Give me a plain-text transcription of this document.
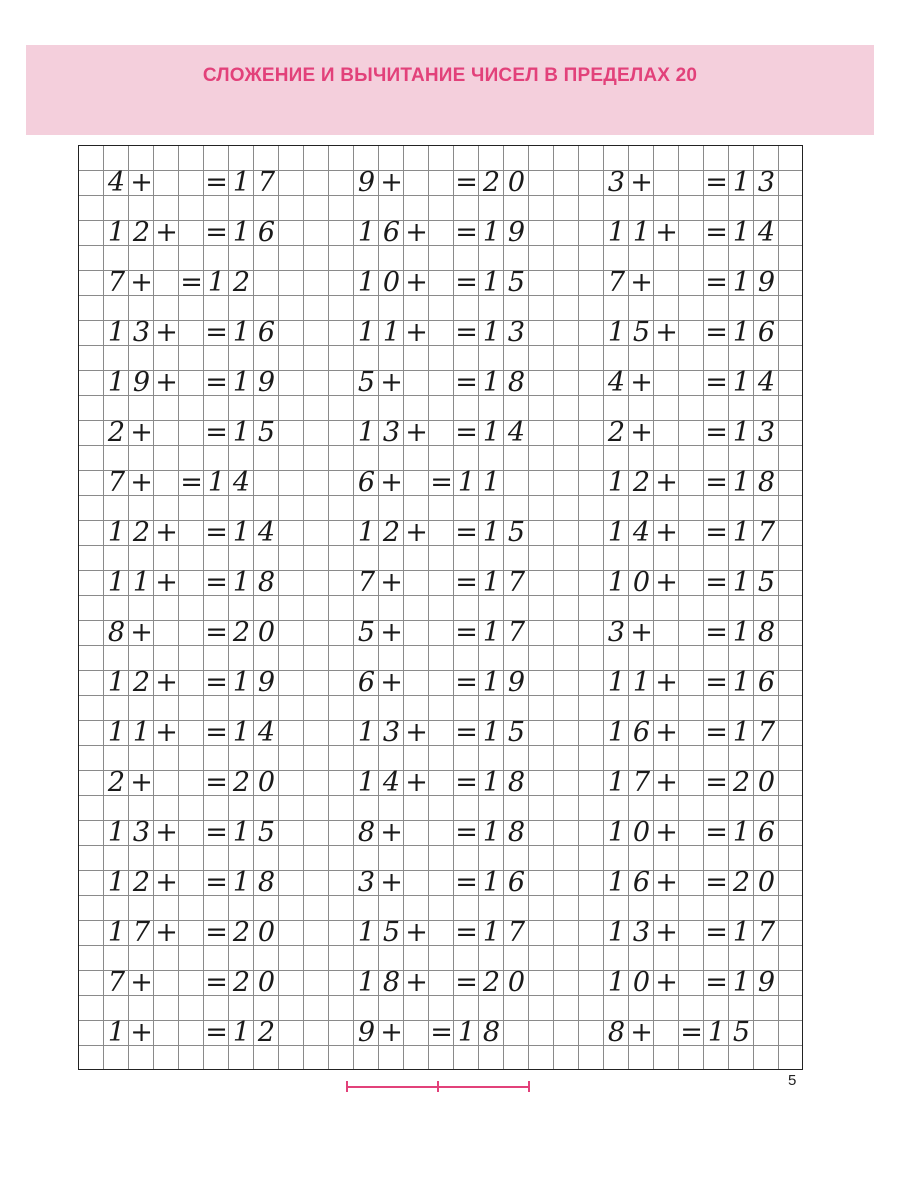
СЛОЖЕНИЕ И ВЫЧИТАНИЕ ЧИСЕЛ В ПРЕДЕЛАХ 20
4 + = 1 7
1 2 + = 1 6
7 + = 1 2
1 3 + = 1 6
1 9 + = 1 9
2 + = 1 5
7 + = 1 4
1 2 + = 1 4
1 1 + = 1 8
8 + = 2 0
1 2 + = 1 9
1 1 + = 1 4
2 + = 2 0
1 3 + = 1 5
1 2 + = 1 8
1 7 + = 2 0
7 + = 2 0
1 + = 1 2
9 + = 2 0
1 6 + = 1 9
1 0 + = 1 5
1 1 + = 1 3
5 + = 1 8
1 3 + = 1 4
6 + = 1 1
1 2 + = 1 5
7 + = 1 7
5 + = 1 7
6 + = 1 9
1 3 + = 1 5
1 4 + = 1 8
8 + = 1 8
3 + = 1 6
1 5 + = 1 7
1 8 + = 2 0
9 + = 1 8
3 + = 1 3
1 1 + = 1 4
7 + = 1 9
1 5 + = 1 6
4 + = 1 4
2 + = 1 3
1 2 + = 1 8
1 4 + = 1 7
1 0 + = 1 5
3 + = 1 8
1 1 + = 1 6
1 6 + = 1 7
1 7 + = 2 0
1 0 + = 1 6
1 6 + = 2 0
1 3 + = 1 7
1 0 + = 1 9
8 + = 1 5
5
